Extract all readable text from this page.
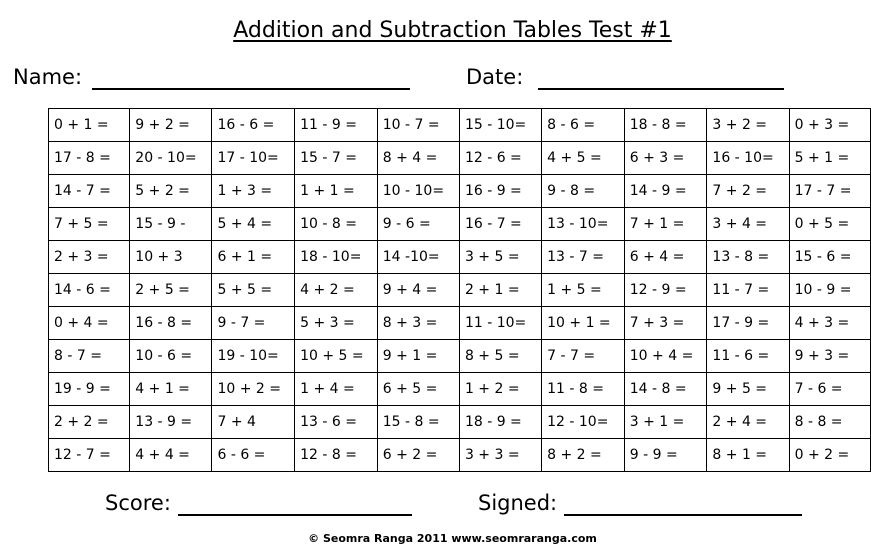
Addition and Subtraction Tables Test #1
Name:	Date:
0 + 1 =	9 + 2 =	16 - 6 =	11 - 9 =	10 - 7 =	15 - 10=	8 - 6 =	18 - 8 =	3 + 2 =	0 + 3 =
17 - 8 =	20 - 10=	17 - 10=	15 - 7 =	8 + 4 =	12 - 6 =	4 + 5 =	6 + 3 =	16 - 10=	5 + 1 =
14 - 7 =	5 + 2 =	1 + 3 =	1 + 1 =	10 - 10=	16 - 9 =	9 - 8 =	14 - 9 =	7 + 2 =	17 - 7 =
7 + 5 =	15 - 9 -	5 + 4 =	10 - 8 =	9 - 6 =	16 - 7 =	13 - 10=	7 + 1 =	3 + 4 =	0 + 5 =
2 + 3 =	10 + 3	6 + 1 =	18 - 10=	14 -10=	3 + 5 =	13 - 7 =	6 + 4 =	13 - 8 =	15 - 6 =
14 - 6 =	2 + 5 =	5 + 5 =	4 + 2 =	9 + 4 =	2 + 1 =	1 + 5 =	12 - 9 =	11 - 7 =	10 - 9 =
0 + 4 =	16 - 8 =	9 - 7 =	5 + 3 =	8 + 3 =	11 - 10=	10 + 1 =	7 + 3 =	17 - 9 =	4 + 3 =
8 - 7 =	10 - 6 =	19 - 10=	10 + 5 =	9 + 1 =	8 + 5 =	7 - 7 =	10 + 4 =	11 - 6 =	9 + 3 =
19 - 9 =	4 + 1 =	10 + 2 =	1 + 4 =	6 + 5 =	1 + 2 =	11 - 8 =	14 - 8 =	9 + 5 =	7 - 6 =
2 + 2 =	13 - 9 =	7 + 4	13 - 6 =	15 - 8 =	18 - 9 =	12 - 10=	3 + 1 =	2 + 4 =	8 - 8 =
12 - 7 =	4 + 4 =	6 - 6 =	12 - 8 =	6 + 2 =	3 + 3 =	8 + 2 =	9 - 9 =	8 + 1 =	0 + 2 =
Score:	Signed:
© Seomra Ranga 2011 www.seomraranga.com
